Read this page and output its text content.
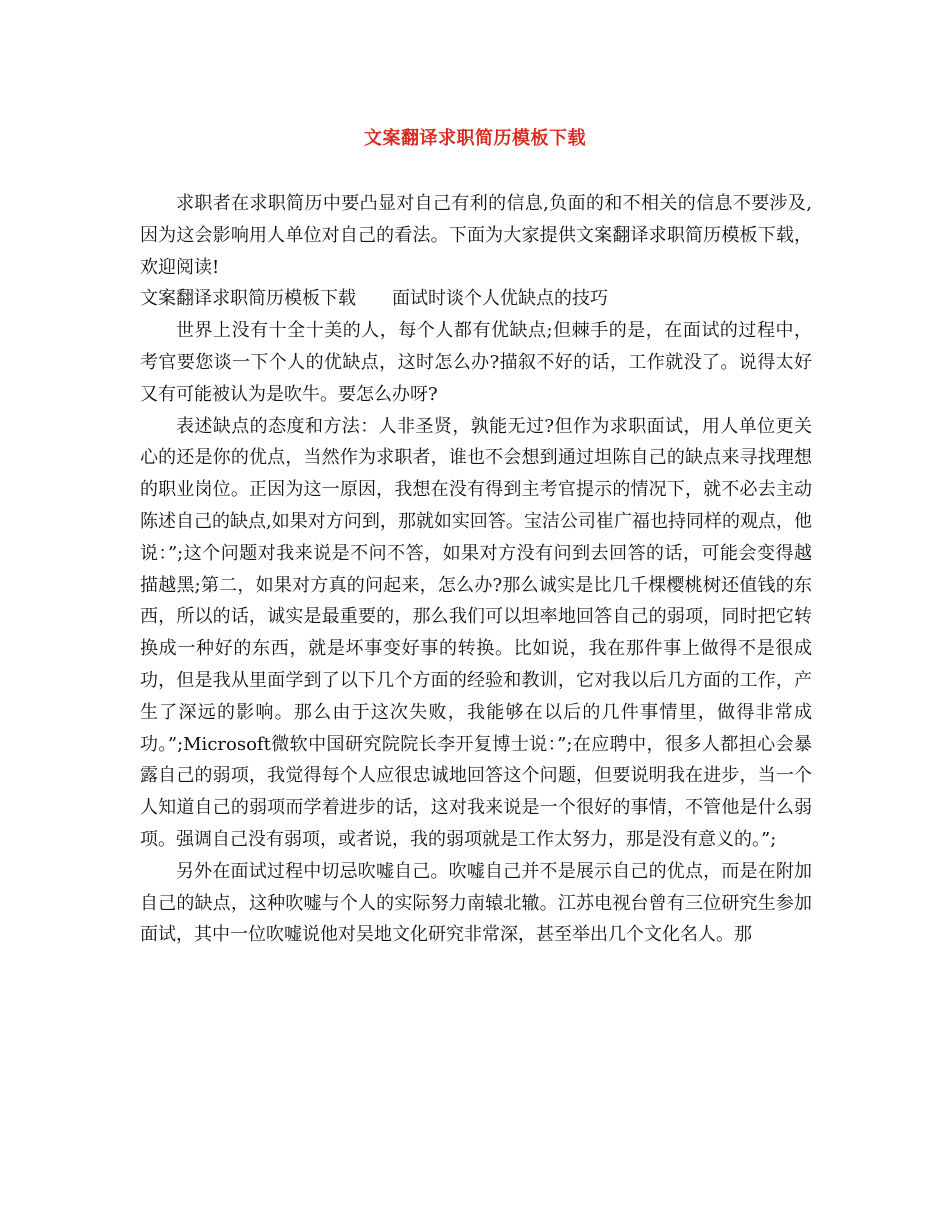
文案翻译求职简历模板下载

求职者在求职简历中要凸显对自己有利的信息,负面的和不相关的信息不要涉及,因为这会影响用人单位对自己的看法。下面为大家提供文案翻译求职简历模板下载，欢迎阅读!

文案翻译求职简历模板下载 面试时谈个人优缺点的技巧

世界上没有十全十美的人，每个人都有优缺点;但棘手的是，在面试的过程中，考官要您谈一下个人的优缺点，这时怎么办?描叙不好的话，工作就没了。说得太好又有可能被认为是吹牛。要怎么办呀?

表述缺点的态度和方法：人非圣贤，孰能无过?但作为求职面试，用人单位更关心的还是你的优点，当然作为求职者，谁也不会想到通过坦陈自己的缺点来寻找理想的职业岗位。正因为这一原因，我想在没有得到主考官提示的情况下，就不必去主动陈述自己的缺点,如果对方问到，那就如实回答。宝洁公司崔广福也持同样的观点，他说：”;这个问题对我来说是不问不答，如果对方没有问到去回答的话，可能会变得越描越黑;第二，如果对方真的问起来，怎么办?那么诚实是比几千棵樱桃树还值钱的东西，所以的话，诚实是最重要的，那么我们可以坦率地回答自己的弱项，同时把它转换成一种好的东西，就是坏事变好事的转换。比如说，我在那件事上做得不是很成功，但是我从里面学到了以下几个方面的经验和教训，它对我以后几方面的工作，产生了深远的影响。那么由于这次失败，我能够在以后的几件事情里，做得非常成功。”;Microsoft微软中国研究院院长李开复博士说：”;在应聘中，很多人都担心会暴露自己的弱项，我觉得每个人应很忠诚地回答这个问题，但要说明我在进步，当一个人知道自己的弱项而学着进步的话，这对我来说是一个很好的事情，不管他是什么弱项。强调自己没有弱项，或者说，我的弱项就是工作太努力，那是没有意义的。”;

另外在面试过程中切忌吹嘘自己。吹嘘自己并不是展示自己的优点，而是在附加自己的缺点，这种吹嘘与个人的实际努力南辕北辙。江苏电视台曾有三位研究生参加面试，其中一位吹嘘说他对吴地文化研究非常深，甚至举出几个文化名人。那
